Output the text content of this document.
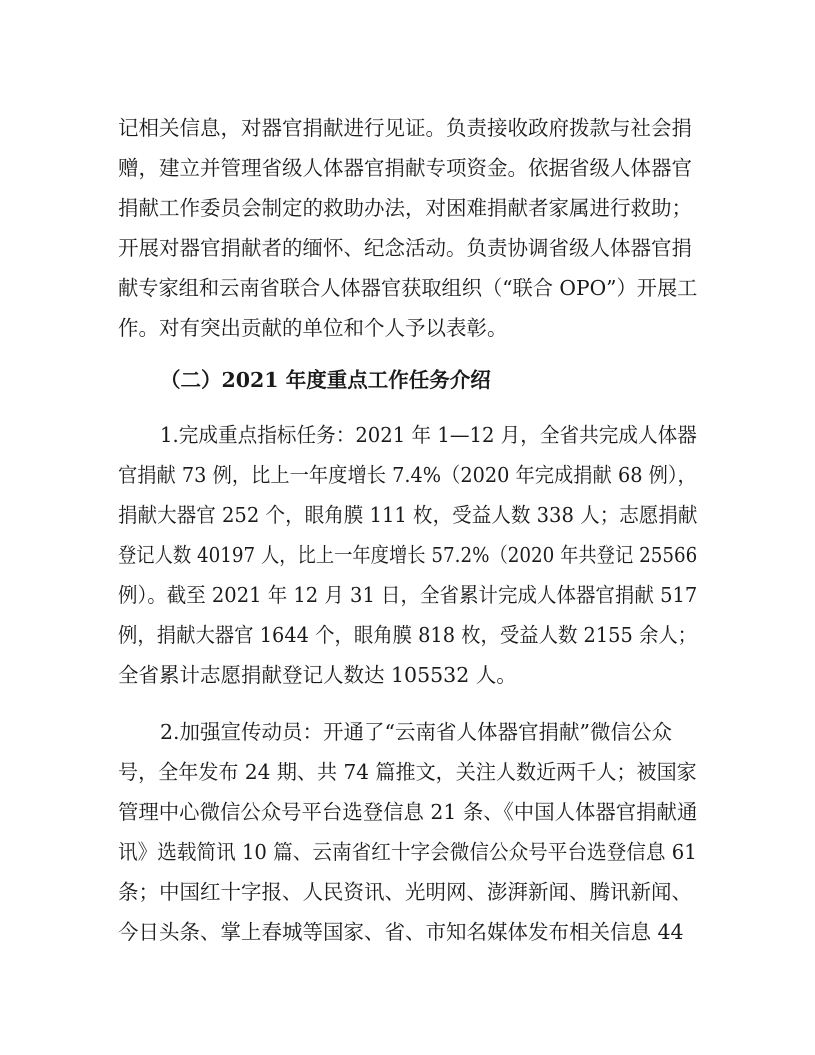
记相关信息，对器官捐献进行见证。负责接收政府拨款与社会捐
赠，建立并管理省级人体器官捐献专项资金。依据省级人体器官
捐献工作委员会制定的救助办法，对困难捐献者家属进行救助；
开展对器官捐献者的缅怀、纪念活动。负责协调省级人体器官捐
献专家组和云南省联合人体器官获取组织（“联合 OPO”）开展工
作。对有突出贡献的单位和个人予以表彰。
（二）2021 年度重点工作任务介绍
1.完成重点指标任务：2021 年 1—12 月，全省共完成人体器
官捐献 73 例，比上一年度增长 7.4%（2020 年完成捐献 68 例），
捐献大器官 252 个，眼角膜 111 枚，受益人数 338 人；志愿捐献
登记人数 40197 人，比上一年度增长 57.2%（2020 年共登记 25566
例）。截至 2021 年 12 月 31 日，全省累计完成人体器官捐献 517
例，捐献大器官 1644 个，眼角膜 818 枚，受益人数 2155 余人；
全省累计志愿捐献登记人数达 105532 人。
2.加强宣传动员：开通了“云南省人体器官捐献”微信公众
号，全年发布 24 期、共 74 篇推文，关注人数近两千人；被国家
管理中心微信公众号平台选登信息 21 条、《中国人体器官捐献通
讯》选载简讯 10 篇、云南省红十字会微信公众号平台选登信息 61
条；中国红十字报、人民资讯、光明网、澎湃新闻、腾讯新闻、
今日头条、掌上春城等国家、省、市知名媒体发布相关信息 44
